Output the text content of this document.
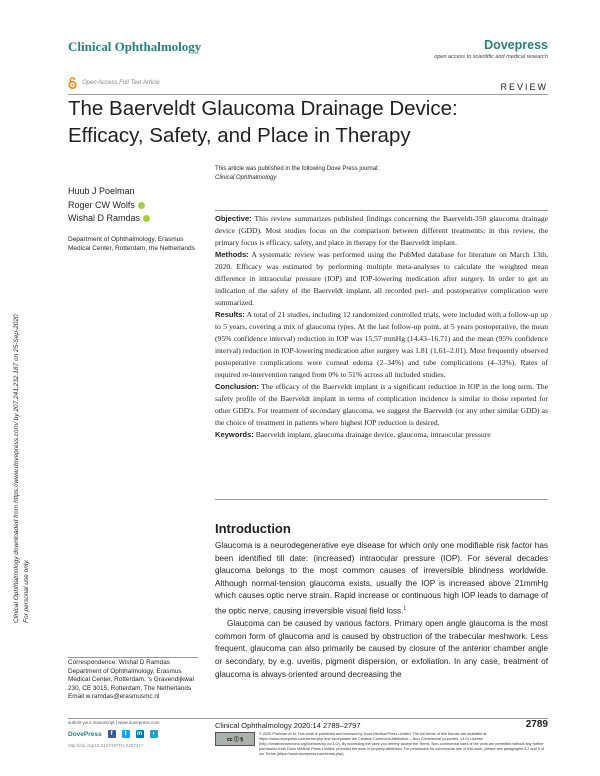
Clinical Ophthalmology	Dovepress
open access to scientific and medical research
Open Access Full Text Article	REVIEW
The Baerveldt Glaucoma Drainage Device:
Efficacy, Safety, and Place in Therapy
This article was published in the following Dove Press journal:
Clinical Ophthalmology
Huub J Poelman
Roger CW Wolfs
Wishal D Ramdas
Department of Ophthalmology, Erasmus Medical Center, Rotterdam, the Netherlands
Clinical Ophthalmology downloaded from https://www.dovepress.com/ by 207.241.232.187 on 25-Sep-2020 For personal use only.

Objective: This review summarizes published findings concerning the Baerveldt-350 glaucoma drainage device (GDD). Most studies focus on the comparison between different treatments; in this review, the primary focus is efficacy, safety, and place in therapy for the Baerveldt implant.

Methods: A systematic review was performed using the PubMed database for literature on March 13th, 2020. Efficacy was estimated by performing multiple meta-analyses to calculate the weighted mean difference in intraocular pressure (IOP) and IOP-lowering medication after surgery. In order to get an indication of the safety of the Baerveldt implant, all recorded peri- and postoperative complication were summarized.

Results: A total of 21 studies, including 12 randomized controlled trials, were included with a follow-up up to 5 years, covering a mix of glaucoma types. At the last follow-up point, at 5 years postoperative, the mean (95% confidence interval) reduction in IOP was 15.57 mmHg (14.43–16.71) and the mean (95% confidence interval) reduction in IOP-lowering medication after surgery was 1.81 (1.61–2.01). Most frequently observed postoperative complications were corneal edema (2–34%) and tube complications (4–33%). Rates of required re-intervention ranged from 0% to 51% across all included studies.

Conclusion: The efficacy of the Baerveldt implant is a significant reduction in IOP in the long term. The safety profile of the Baerveldt implant in terms of complication incidence is similar to those reported for other GDD's. For treatment of secondary glaucoma, we suggest the Baerveldt (or any other similar GDD) as the choice of treatment in patients where highest IOP reduction is desired.

Keywords: Baerveldt implant, glaucoma drainage device, glaucoma, intraocular pressure

Introduction

Glaucoma is a neurodegenerative eye disease for which only one modifiable risk factor has been identified till date: (increased) intraocular pressure (IOP). For several decades glaucoma belongs to the most common causes of irreversible blindness worldwide. Although normal-tension glaucoma exists, usually the IOP is increased above 21mmHg which causes optic nerve strain. Rapid increase or continuous high IOP leads to damage of the optic nerve, causing irreversible visual field loss.$^1$

Glaucoma can be caused by various factors. Primary open angle glaucoma is the most common form of glaucoma and is caused by obstruction of the trabecular meshwork. Less frequent, glaucoma can also primarily be caused by closure of the anterior chamber angle or secondary, by e.g. uveitis, pigment dispersion, or exfoliation. In any case, treatment of glaucoma is always oriented around decreasing the

Correspondence: Wishal D Ramdas
Department of Ophthalmology, Erasmus Medical Center, Rotterdam, 's Gravendijkwal 230, CE 3015, Rotterdam, The Netherlands
Email w.ramdas@erasmusmc.nl
submit your manuscript | www.dovepress.com
DovePress	f	t	in	◗
http://doi.org/10.2147/OPTH.S257417
Clinical Ophthalmology 2020:14 2789–2797	2789
cc ⓘ §
© 2020 Poelman et al. This work is published and licensed by Dove Medical Press Limited. The full terms of this license are available at https://www.dovepress.com/terms.php and incorporate the Creative Commons Attribution – Non Commercial (unported, v3.0) License (http://creativecommons.org/licenses/by-nc/3.0/). By accessing the work you hereby accept the Terms. Non-commercial uses of the work are permitted without any further permission from Dove Medical Press Limited, provided the work is properly attributed. For permission for commercial use of this work, please see paragraphs 4.2 and 5 of our Terms (https://www.dovepress.com/terms.php).
